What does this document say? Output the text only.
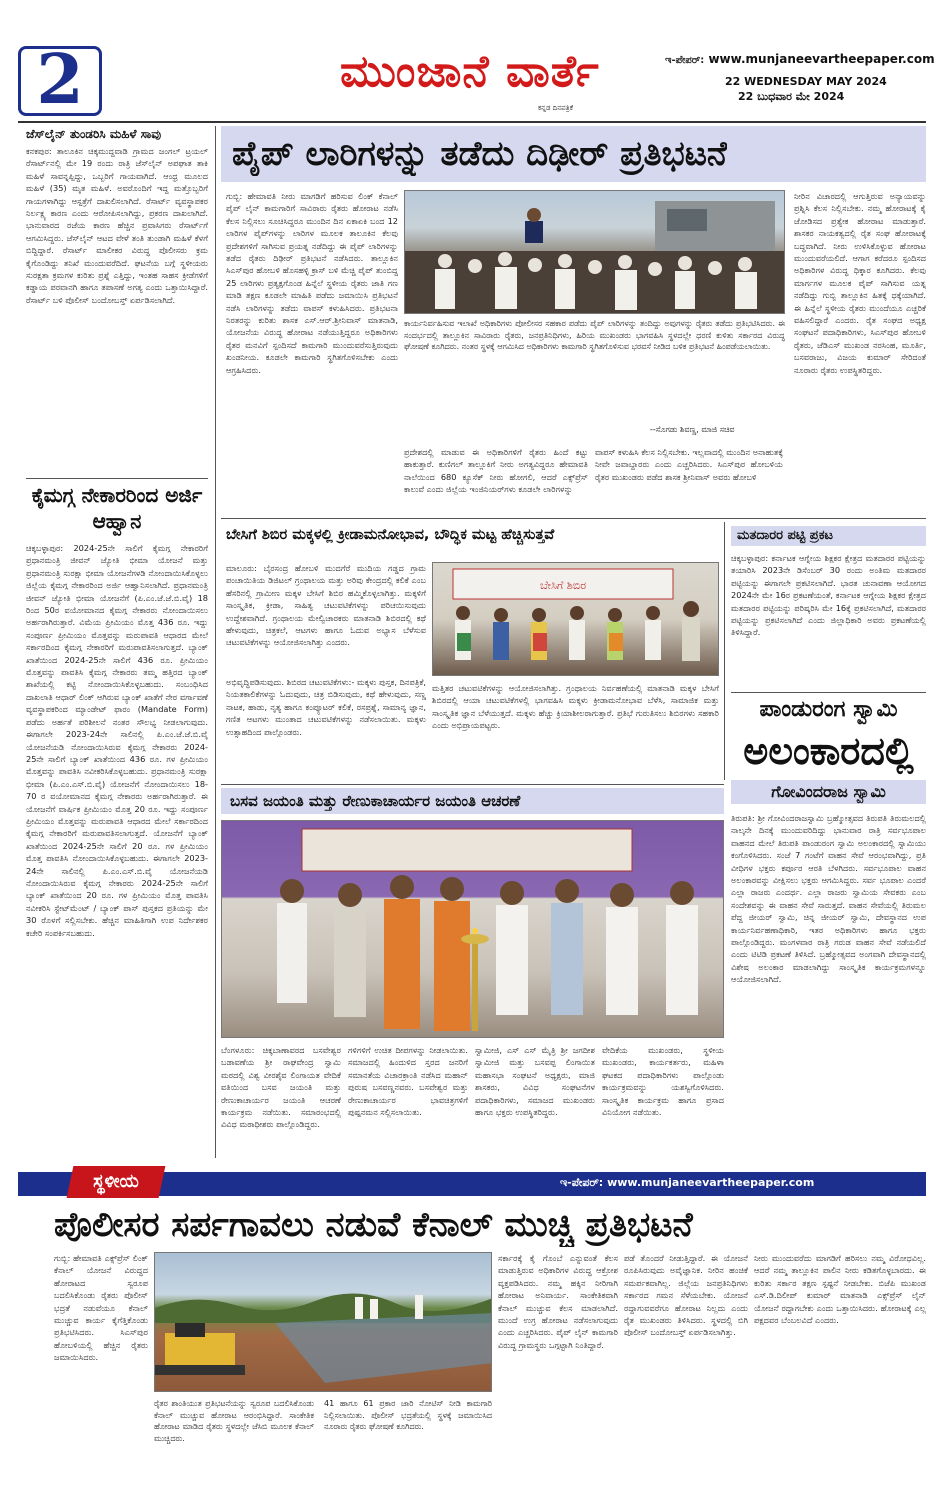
2	ಮುಂಜಾನೆ ವಾರ್ತೆ
ಕನ್ನಡ ದಿನಪತ್ರಿಕೆ
ಇ-ಪೇಪರ್: www.munjaneevartheepaper.com
22 WEDNESDAY MAY 2024
22 ಬುಧವಾರ ಮೇ 2024
ಜೆಸ್‌ಲೈನ್ ತುಂಡರಿಸಿ ಮಹಿಳೆ ಸಾವು
ಕನಕಪುರ: ತಾಲೂಕಿನ ಚಿಕ್ಕಮುದ್ದವಾಡಿ ಗ್ರಾಮದ ಜಂಗಲ್ ಟ್ರಯಲ್ ರೆಸಾರ್ಟ್‌ನಲ್ಲಿ ಮೇ 19 ರಂದು ರಾತ್ರಿ ಜೆಸ್‌ಲೈನ್ ಅಪಘಾತ ತಾಕಿ ಮಹಿಳೆ ಸಾವನ್ನಪ್ಪಿದ್ದು, ಒಬ್ಬರಿಗೆ ಗಾಯವಾಗಿದೆ. ಆಂಧ್ರ ಮೂಲದ ಮಹಿಳೆ (35) ಮೃತ ಮಹಿಳೆ. ಅವರೊಂದಿಗೆ ಇದ್ದ ಮತ್ತೊಬ್ಬರಿಗೆ ಗಾಯಗಳಾಗಿದ್ದು ಆಸ್ಪತ್ರೆಗೆ ದಾಖಲಿಸಲಾಗಿದೆ. ರೆಸಾರ್ಟ್ ವ್ಯವಸ್ಥಾಪಕರ ನಿರ್ಲಕ್ಷ್ಯ ಕಾರಣ ಎಂದು ಆರೋಪಿಸಲಾಗಿದ್ದು, ಪ್ರಕರಣ ದಾಖಲಾಗಿದೆ. ಭಾನುವಾರದ ರಜೆಯ ಕಾರಣ ಹೆಚ್ಚಿನ ಪ್ರವಾಸಿಗರು ರೆಸಾರ್ಟ್‌ಗೆ ಆಗಮಿಸಿದ್ದರು. ಜೆಸ್‌ಲೈನ್ ಆಟದ ವೇಳೆ ತಂತಿ ತುಂಡಾಗಿ ಮಹಿಳೆ ಕೆಳಗೆ ಬಿದ್ದಿದ್ದಾರೆ. ರೆಸಾರ್ಟ್ ಮಾಲೀಕರ ವಿರುದ್ಧ ಪೊಲೀಸರು ಕ್ರಮ ಕೈಗೊಂಡಿದ್ದು ತನಿಖೆ ಮುಂದುವರೆದಿದೆ. ಘಟನೆಯ ಬಗ್ಗೆ ಸ್ಥಳೀಯರು ಸುರಕ್ಷತಾ ಕ್ರಮಗಳ ಕುರಿತು ಪ್ರಶ್ನೆ ಎತ್ತಿದ್ದು, ಇಂತಹ ಸಾಹಸ ಕ್ರೀಡೆಗಳಿಗೆ ಕಡ್ಡಾಯ ಪರವಾನಗಿ ಹಾಗೂ ತಪಾಸಣೆ ಅಗತ್ಯ ಎಂದು ಒತ್ತಾಯಿಸಿದ್ದಾರೆ. ರೆಸಾರ್ಟ್ ಬಳಿ ಪೊಲೀಸ್ ಬಂದೋಬಸ್ತ್ ಏರ್ಪಡಿಸಲಾಗಿದೆ.
ಕೈಮಗ್ಗ ನೇಕಾರರಿಂದ ಅರ್ಜಿ ಆಹ್ವಾನ
ಚಿಕ್ಕಬಳ್ಳಾಪುರ: 2024-25ನೇ ಸಾಲಿಗೆ ಕೈಮಗ್ಗ ನೇಕಾರರಿಗೆ ಪ್ರಧಾನಮಂತ್ರಿ ಜೀವನ್ ಜ್ಯೋತಿ ಭೀಮಾ ಯೋಜನೆ ಮತ್ತು ಪ್ರಧಾನಮಂತ್ರಿ ಸುರಕ್ಷಾ ಭೀಮಾ ಯೋಜನೆಗಳಡಿ ನೋಂದಾಯಿಸಿಕೊಳ್ಳಲು ಜಿಲ್ಲೆಯ ಕೈಮಗ್ಗ ನೇಕಾರರಿಂದ ಅರ್ಜಿ ಆಹ್ವಾನಿಸಲಾಗಿದೆ. ಪ್ರಧಾನಮಂತ್ರಿ ಜೀವನ್ ಜ್ಯೋತಿ ಭೀಮಾ ಯೋಜನೆಗೆ (ಪಿ.ಎಂ.ಜೆ.ಜೆ.ಬಿ.ವೈ) 18 ರಿಂದ 50ರ ವಯೋಮಾನದ ಕೈಮಗ್ಗ ನೇಕಾರರು ನೋಂದಾಯಿಸಲು ಅರ್ಹರಾಗಿರುತ್ತಾರೆ. ವಿಮೆಯ ಪ್ರೀಮಿಯಂ ಮೊತ್ತ 436 ರೂ. ಇದ್ದು ಸಂಪೂರ್ಣ ಪ್ರೀಮಿಯಂ ಮೊತ್ತವನ್ನು ಮರುಪಾವತಿ ಆಧಾರದ ಮೇಲೆ ಸರ್ಕಾರದಿಂದ ಕೈಮಗ್ಗ ನೇಕಾರರಿಗೆ ಮರುಪಾವತಿಸಲಾಗುತ್ತದೆ. ಬ್ಯಾಂಕ್ ಖಾತೆಯಿಂದ 2024-25ನೇ ಸಾಲಿಗೆ 436 ರೂ. ಪ್ರೀಮಿಯಂ ಮೊತ್ತವನ್ನು ಪಾವತಿಸಿ ಕೈಮಗ್ಗ ನೇಕಾರರು ತಮ್ಮ ಹತ್ತಿರದ ಬ್ಯಾಂಕ್ ಶಾಖೆಯಲ್ಲಿ ಕಟ್ಟಿ ನೋಂದಾಯಿಸಿಕೊಳ್ಳಬಹುದು. ಸಂಬಂಧಿಸಿದ ದಾಖಲಾತಿ ಆಧಾರ್ ಲಿಂಕ್ ಆಗಿರುವ ಬ್ಯಾಂಕ್ ಖಾತೆಗೆ ನೇರ ವರ್ಗಾವಣೆ ವ್ಯವಸ್ಥಾಪಕರಿಂದ ಮ್ಯಾಂಡೇಟ್ ಫಾರಂ (Mandate Form) ಪಡೆದು ಅರ್ಹತೆ ಪರಿಶೀಲನೆ ನಂತರ ಸೌಲಭ್ಯ ನೀಡಲಾಗುವುದು. ಈಗಾಗಲೇ 2023-24ನೇ ಸಾಲಿನಲ್ಲಿ ಪಿ.ಎಂ.ಜೆ.ಜೆ.ಬಿ.ವೈ ಯೋಜನೆಯಡಿ ನೋಂದಾಯಿಸಿರುವ ಕೈಮಗ್ಗ ನೇಕಾರರು 2024-25ನೇ ಸಾಲಿಗೆ ಬ್ಯಾಂಕ್ ಖಾತೆಯಿಂದ 436 ರೂ. ಗಳ ಪ್ರೀಮಿಯಂ ಮೊತ್ತವನ್ನು ಪಾವತಿಸಿ ನವೀಕರಿಸಿಕೊಳ್ಳಬಹುದು. ಪ್ರಧಾನಮಂತ್ರಿ ಸುರಕ್ಷಾ ಭೀಮಾ (ಪಿ.ಎಂ.ಎಸ್.ಬಿ.ವೈ) ಯೋಜನೆಗೆ ನೋಂದಾಯಿಸಲು 18-70 ರ ವಯೋಮಾನದ ಕೈಮಗ್ಗ ನೇಕಾರರು ಅರ್ಹರಾಗಿರುತ್ತಾರೆ. ಈ ಯೋಜನೆಗೆ ವಾರ್ಷಿಕ ಪ್ರೀಮಿಯಂ ಮೊತ್ತ 20 ರೂ. ಇದ್ದು ಸಂಪೂರ್ಣ ಪ್ರೀಮಿಯಂ ಮೊತ್ತವನ್ನು ಮರುಪಾವತಿ ಆಧಾರದ ಮೇಲೆ ಸರ್ಕಾರದಿಂದ ಕೈಮಗ್ಗ ನೇಕಾರರಿಗೆ ಮರುಪಾವತಿಸಲಾಗುತ್ತದೆ. ಯೋಜನೆಗೆ ಬ್ಯಾಂಕ್ ಖಾತೆಯಿಂದ 2024-25ನೇ ಸಾಲಿಗೆ 20 ರೂ. ಗಳ ಪ್ರೀಮಿಯಂ ಮೊತ್ತ ಪಾವತಿಸಿ ನೋಂದಾಯಿಸಿಕೊಳ್ಳಬಹುದು. ಈಗಾಗಲೇ 2023-24ನೇ ಸಾಲಿನಲ್ಲಿ ಪಿ.ಎಂ.ಎಸ್.ಬಿ.ವೈ ಯೋಜನೆಯಡಿ ನೋಂದಾಯಿಸಿರುವ ಕೈಮಗ್ಗ ನೇಕಾರರು 2024-25ನೇ ಸಾಲಿಗೆ ಬ್ಯಾಂಕ್ ಖಾತೆಯಿಂದ 20 ರೂ. ಗಳ ಪ್ರೀಮಿಯಂ ಮೊತ್ತ ಪಾವತಿಸಿ ನವೀಕರಿಸಿ ಸ್ಟೇಟ್‌ಮೆಂಟ್ / ಬ್ಯಾಂಕ್ ಪಾಸ್ ಪುಸ್ತಕದ ಪ್ರತಿಯನ್ನು ಮೇ 30 ರೊಳಗೆ ಸಲ್ಲಿಸಬೇಕು. ಹೆಚ್ಚಿನ ಮಾಹಿತಿಗಾಗಿ ಉಪ ನಿರ್ದೇಶಕರ ಕಚೇರಿ ಸಂಪರ್ಕಿಸಬಹುದು.
ಪೈಪ್ ಲಾರಿಗಳನ್ನು ತಡೆದು ದಿಢೀರ್ ಪ್ರತಿಭಟನೆ
ಗುಬ್ಬಿ: ಹೇಮಾವತಿ ನೀರು ಮಾಗಡಿಗೆ ಹರಿಸುವ ಲಿಂಕ್ ಕೆನಾಲ್ ಪೈಪ್ ಲೈನ್ ಕಾಮಗಾರಿಗೆ ಸಾವಿರಾರು ರೈತರು ಹೋರಾಟ ನಡೆಸಿ ಕೆಲಸ ನಿಲ್ಲಿಸಲು ಸೂಚಿಸಿದ್ದರೂ ಮುಂದಿನ ದಿನ ಏಕಾಏಕಿ ಬಂದ 12 ಲಾರಿಗಳ ಪೈಪ್‌ಗಳನ್ನು ಲಾರಿಗಳ ಮೂಲಕ ತಾಲೂಕಿನ ಕೆಲವು ಪ್ರದೇಶಗಳಿಗೆ ಸಾಗಿಸುವ ಪ್ರಯತ್ನ ನಡೆದಿದ್ದು ಈ ಪೈಪ್ ಲಾರಿಗಳನ್ನು ತಡೆದ ರೈತರು ದಿಢೀರ್ ಪ್ರತಿಭಟನೆ ನಡೆಸಿದರು. ತಾಲ್ಲೂಕಿನ ಸಿಎಸ್‌ಪುರ ಹೋಬಳಿ ಹೊಸಹಳ್ಳಿ ಕ್ರಾಸ್ ಬಳಿ ಮೆಚ್ಚಿ ಪೈಪ್ ತುಂಬಿದ್ದ 25 ಲಾರಿಗಳು ಪ್ರತ್ಯಕ್ಷಗೊಂಡ ಹಿನ್ನೆಲೆ ಸ್ಥಳೀಯ ರೈತರು ಜಾತಿ ಗಣ ಮಾಡಿ ತಕ್ಷಣ ಕೂಡಲೇ ಮಾಹಿತಿ ಪಡೆದು ಜಮಾಯಿಸಿ ಪ್ರತಿಭಟನೆ ನಡೆಸಿ ಲಾರಿಗಳನ್ನು ತಡೆದು ವಾಪಸ್ ಕಳುಹಿಸಿದರು. ಪ್ರತಿಭಟನಾ ನಿರತರನ್ನು ಕುರಿತು ಶಾಸಕ ಎಸ್.ಆರ್.ಶ್ರೀನಿವಾಸ್ ಮಾತನಾಡಿ, ಯೋಜನೆಯ ವಿರುದ್ಧ ಹೋರಾಟ ನಡೆಯುತ್ತಿದ್ದರೂ ಅಧಿಕಾರಿಗಳು ರೈತರ ಮನವಿಗೆ ಸ್ಪಂದಿಸದೆ ಕಾಮಗಾರಿ ಮುಂದುವರೆಸುತ್ತಿರುವುದು ಖಂಡನೀಯ. ಕೂಡಲೇ ಕಾಮಗಾರಿ ಸ್ಥಗಿತಗೊಳಿಸಬೇಕು ಎಂದು ಆಗ್ರಹಿಸಿದರು.
ಕಾರ್ಯನಿರ್ವಹಿಸುವ ಇಲಾಖೆ ಅಧಿಕಾರಿಗಳು ಪೋಲೀಸರ ಸಹಕಾರ ಪಡೆದು ಪೈಪ್ ಲಾರಿಗಳನ್ನು ತಂದಿದ್ದು ಅವುಗಳನ್ನು ರೈತರು ತಡೆದು ಪ್ರತಿಭಟಿಸಿದರು. ಈ ಸಂದರ್ಭದಲ್ಲಿ ತಾಲ್ಲೂಕಿನ ಸಾವಿರಾರು ರೈತರು, ಜನಪ್ರತಿನಿಧಿಗಳು, ಹಿರಿಯ ಮುಖಂಡರು ಭಾಗವಹಿಸಿ ಸ್ಥಳದಲ್ಲೇ ಧರಣಿ ಕುಳಿತು ಸರ್ಕಾರದ ವಿರುದ್ಧ ಘೋಷಣೆ ಕೂಗಿದರು. ನಂತರ ಸ್ಥಳಕ್ಕೆ ಆಗಮಿಸಿದ ಅಧಿಕಾರಿಗಳು ಕಾಮಗಾರಿ ಸ್ಥಗಿತಗೊಳಿಸುವ ಭರವಸೆ ನೀಡಿದ ಬಳಿಕ ಪ್ರತಿಭಟನೆ ಹಿಂಪಡೆಯಲಾಯಿತು.
--ಸೊಗಡು ಶಿವಣ್ಣ, ಮಾಜಿ ಸಚಿವ
ಪ್ರದೇಶದಲ್ಲಿ ಮಾಡುವ ಈ ಅಧಿಕಾರಿಗಳಿಗೆ ರೈತರು ಹಿಂದೆ ಕಟ್ಟು ಹಾಕುತ್ತಾರೆ. ಕುಣಿಗಲ್ ತಾಲ್ಲೂಕಿಗೆ ನೀರು ಅಗತ್ಯವಿದ್ದರೂ ಹೇಮಾವತಿ ನಾಲೆಯಿಂದ 680 ಕ್ಯೂಸೆಕ್ ನೀರು ಹೋಗಲಿ, ಆದರೆ ಎಕ್ಸ್‌ಪ್ರೆಸ್ ಕಾಲುವೆ ಎಂದು ಜಿಲ್ಲೆಯ ಇಂಜಿನಿಯರ್‌ಗಳು ಕೂಡಲೇ ಲಾರಿಗಳನ್ನು
ವಾಪಸ್ ಕಳುಹಿಸಿ ಕೆಲಸ ನಿಲ್ಲಿಸಬೇಕು. ಇಲ್ಲವಾದಲ್ಲಿ ಮುಂದಿನ ಅನಾಹುತಕ್ಕೆ ನೀವೇ ಜವಾಬ್ದಾರರು ಎಂದು ಎಚ್ಚರಿಸಿದರು. ಸಿಎಸ್‌ಪುರ ಹೋಬಳಿಯ ರೈತರ ಮುಖಂಡರು ಪಡೆದ ಶಾಸಕ ಶ್ರೀನಿವಾಸ್ ಅವರು ಹೋಬಳಿ
ನೀರಿನ ವಿಚಾರದಲ್ಲಿ ಆಗುತ್ತಿರುವ ಅನ್ಯಾಯವನ್ನು ಪ್ರಶ್ನಿಸಿ ಕೆಲಸ ನಿಲ್ಲಿಸಬೇಕು. ನಮ್ಮ ಹೋರಾಟಕ್ಕೆ ಕೈ ಜೋಡಿಸದ ಪ್ರತ್ಯೇಕ ಹೋರಾಟ ಮಾಡುತ್ತಾರೆ. ಶಾಸಕರ ನಾಯಕತ್ವದಲ್ಲಿ ರೈತ ಸಂಘ ಹೋರಾಟಕ್ಕೆ ಬದ್ಧವಾಗಿದೆ. ನೀರು ಉಳಿಸಿಕೊಳ್ಳುವ ಹೋರಾಟ ಮುಂದುವರೆಯಲಿದೆ. ಆಗಾಗ ಕರೆದರೂ ಸ್ಪಂದಿಸದ ಅಧಿಕಾರಿಗಳ ವಿರುದ್ಧ ಧಿಕ್ಕಾರ ಕೂಗಿದರು. ಕೆಲವು ಮಾರ್ಗಗಳ ಮೂಲಕ ಪೈಪ್ ಸಾಗಿಸುವ ಯತ್ನ ನಡೆದಿದ್ದು ಗುಬ್ಬಿ ತಾಲ್ಲೂಕಿನ ಹಿತಕ್ಕೆ ಧಕ್ಕೆಯಾಗಿದೆ. ಈ ಹಿನ್ನೆಲೆ ಸ್ಥಳೀಯ ರೈತರು ಮುಂದೆಯೂ ಎಚ್ಚರಿಕೆ ವಹಿಸಲಿದ್ದಾರೆ ಎಂದರು. ರೈತ ಸಂಘದ ಅಧ್ಯಕ್ಷ ಸಂಘಟನೆ ಪದಾಧಿಕಾರಿಗಳು, ಸಿಎಸ್‌ಪುರ ಹೋಬಳಿ ರೈತರು, ಜೆಡಿಎಸ್ ಮುಖಂಡ ನರಸಿಂಹ, ಮೂರ್ತಿ, ಬಸವರಾಜು, ವಿಜಯ ಕುಮಾರ್ ಸೇರಿದಂತೆ ನೂರಾರು ರೈತರು ಉಪಸ್ಥಿತರಿದ್ದರು.
ಬೇಸಿಗೆ ಶಿಬಿರ ಮಕ್ಕಳಲ್ಲಿ ಕ್ರೀಡಾಮನೋಭಾವ, ಬೌದ್ಧಿಕ ಮಟ್ಟ ಹೆಚ್ಚಿಸುತ್ತವೆ
ಮಾಲೂರು: ಬೈರಸಂದ್ರ ಹೋಬಳಿ ಮುದಗೆರೆ ಮುದಿಯ ಗಡ್ಡದ ಗ್ರಾಮ ಪಂಚಾಯಿತಿಯ ಡಿಜಿಟಲ್ ಗ್ರಂಥಾಲಯ ಮತ್ತು ಅರಿವು ಕೇಂದ್ರದಲ್ಲಿ ಕಲಿಕೆ ಎಂಬ ಹೆಸರಿನಲ್ಲಿ ಗ್ರಾಮೀಣ ಮಕ್ಕಳ ಬೇಸಿಗೆ ಶಿಬಿರ ಹಮ್ಮಿಕೊಳ್ಳಲಾಗಿತ್ತು. ಮಕ್ಕಳಿಗೆ ಸಾಂಸ್ಕೃತಿಕ, ಕ್ರೀಡಾ, ಸಾಹಿತ್ಯ ಚಟುವಟಿಕೆಗಳನ್ನು ಪರಿಚಯಿಸುವುದು ಉದ್ದೇಶವಾಗಿದೆ. ಗ್ರಂಥಾಲಯ ಮೇಲ್ವಿಚಾರಕರು ಮಾತನಾಡಿ ಶಿಬಿರದಲ್ಲಿ ಕಥೆ ಹೇಳುವುದು, ಚಿತ್ರಕಲೆ, ಆಟಗಳು ಹಾಗೂ ಓದುವ ಅಭ್ಯಾಸ ಬೆಳೆಸುವ ಚಟುವಟಿಕೆಗಳನ್ನು ಆಯೋಜಿಸಲಾಗಿತ್ತು ಎಂದರು.
ಬೇಸಿಗೆ ಶಿಬಿರ
ಅಭಿವೃದ್ಧಿಪಡಿಸುವುದು. ಶಿಬಿರದ ಚಟುವಟಿಕೆಗಳು:- ಮಕ್ಕಳು ಪುಸ್ತಕ, ದಿನಪತ್ರಿಕೆ, ನಿಯತಕಾಲಿಕೆಗಳನ್ನು ಓದುವುದು, ಚಿತ್ರ ಬಿಡಿಸುವುದು, ಕಥೆ ಹೇಳುವುದು, ಸಣ್ಣ ನಾಟಕ, ಹಾಡು, ನೃತ್ಯ ಹಾಗೂ ಕಂಪ್ಯೂಟರ್ ಕಲಿಕೆ, ರಸಪ್ರಶ್ನೆ, ಸಾಮಾನ್ಯ ಜ್ಞಾನ, ಗಣಿತ ಆಟಗಳು ಮುಂತಾದ ಚಟುವಟಿಕೆಗಳನ್ನು ನಡೆಸಲಾಯಿತು. ಮಕ್ಕಳು ಉತ್ಸಾಹದಿಂದ ಪಾಲ್ಗೊಂಡರು.
ಮತ್ತಿತರ ಚಟುವಟಿಕೆಗಳನ್ನು ಆಯೋಜಿಸಲಾಗಿತ್ತು. ಗ್ರಂಥಾಲಯ ನಿರ್ವಹಣೆಯಲ್ಲಿ ಮಾತನಾಡಿ ಮಕ್ಕಳ ಬೇಸಿಗೆ ಶಿಬಿರದಲ್ಲಿ ಆಯಾ ಚಟುವಟಿಕೆಗಳಲ್ಲಿ ಭಾಗವಹಿಸಿ ಮಕ್ಕಳು ಕ್ರೀಡಾಮನೋಭಾವ ಬೆಳೆಸಿ, ಸಾಮಾಜಿಕ ಮತ್ತು ಸಾಂಸ್ಕೃತಿಕ ಜ್ಞಾನ ಬೆಳೆಯುತ್ತದೆ. ಮಕ್ಕಳು ಹೆಚ್ಚು ಕ್ರಿಯಾಶೀಲರಾಗುತ್ತಾರೆ. ಪ್ರತಿಭೆ ಗುರುತಿಸಲು ಶಿಬಿರಗಳು ಸಹಕಾರಿ ಎಂದು ಅಭಿಪ್ರಾಯಪಟ್ಟರು.
ಮತದಾರರ ಪಟ್ಟಿ ಪ್ರಕಟ
ಚಿಕ್ಕಬಳ್ಳಾಪುರ: ಕರ್ನಾಟಕ ಆಗ್ನೇಯ ಶಿಕ್ಷಕರ ಕ್ಷೇತ್ರದ ಮತದಾರರ ಪಟ್ಟಿಯನ್ನು ತಯಾರಿಸಿ 2023ನೇ ಡಿಸೆಂಬರ್ 30 ರಂದು ಅಂತಿಮ ಮತದಾರರ ಪಟ್ಟಿಯನ್ನು ಈಗಾಗಲೇ ಪ್ರಕಟಿಸಲಾಗಿದೆ. ಭಾರತ ಚುನಾವಣಾ ಆಯೋಗದ 2024ನೇ ಮೇ 16ರ ಪ್ರಕಟಣೆಯಂತೆ, ಕರ್ನಾಟಕ ಆಗ್ನೇಯ ಶಿಕ್ಷಕರ ಕ್ಷೇತ್ರದ ಮತದಾರರ ಪಟ್ಟಿಯನ್ನು ಪರಿಷ್ಕರಿಸಿ ಮೇ 16ಕ್ಕೆ ಪ್ರಕಟಿಸಲಾಗಿದೆ, ಮತದಾರರ ಪಟ್ಟಿಯನ್ನು ಪ್ರಕಟಿಸಲಾಗಿದೆ ಎಂದು ಜಿಲ್ಲಾಧಿಕಾರಿ ಅವರು ಪ್ರಕಟಣೆಯಲ್ಲಿ ತಿಳಿಸಿದ್ದಾರೆ.
ಪಾಂಡುರಂಗ ಸ್ವಾಮಿ
ಅಲಂಕಾರದಲ್ಲಿ
ಗೋವಿಂದರಾಜ ಸ್ವಾಮಿ
ತಿರುಪತಿ: ಶ್ರೀ ಗೋವಿಂದರಾಜಸ್ವಾಮಿ ಬ್ರಹ್ಮೋತ್ಸವದ ತಿರುಪತಿ ತಿರುಮಲದಲ್ಲಿ ನಾಲ್ಕನೇ ದಿನಕ್ಕೆ ಮುಂದುವರಿದಿದ್ದು ಭಾನುವಾರ ರಾತ್ರಿ ಸರ್ವಭೂಪಾಲ ವಾಹನದ ಮೇಲೆ ತಿರುಪತಿ ಪಾಂಡುರಂಗ ಸ್ವಾಮಿ ಅಲಂಕಾರದಲ್ಲಿ ಸ್ವಾಮಿಯು ಕಂಗೊಳಿಸಿದರು. ಸಂಜೆ 7 ಗಂಟೆಗೆ ವಾಹನ ಸೇವೆ ಆರಂಭವಾಗಿದ್ದು, ಪ್ರತಿ ವೀಧಿಗಳ ಭಕ್ತರು ಕರ್ಪೂರ ಆರತಿ ಬೆಳಗಿದರು. ಸರ್ವಭೂಪಾಲ ವಾಹನ ಅಲಂಕಾರವನ್ನು ವೀಕ್ಷಿಸಲು ಭಕ್ತರು ಆಗಮಿಸಿದ್ದರು. ಸರ್ವ ಭೂಪಾಲ ಎಂದರೆ ಎಲ್ಲಾ ರಾಜರು ಎಂದರ್ಥ. ಎಲ್ಲಾ ರಾಜರು ಸ್ವಾಮಿಯ ಸೇವಕರು ಎಂಬ ಸಂದೇಶವನ್ನು ಈ ವಾಹನ ಸೇವೆ ಸಾರುತ್ತದೆ. ವಾಹನ ಸೇವೆಯಲ್ಲಿ ತಿರುಮಲ ಪೆದ್ದ ಜೀಯರ್ ಸ್ವಾಮಿ, ಚಿನ್ನ ಜೀಯರ್ ಸ್ವಾಮಿ, ದೇವಸ್ಥಾನದ ಉಪ ಕಾರ್ಯನಿರ್ವಹಣಾಧಿಕಾರಿ, ಇತರ ಅಧಿಕಾರಿಗಳು ಹಾಗೂ ಭಕ್ತರು ಪಾಲ್ಗೊಂಡಿದ್ದರು. ಮಂಗಳವಾರ ರಾತ್ರಿ ಗರುಡ ವಾಹನ ಸೇವೆ ನಡೆಯಲಿದೆ ಎಂದು ಟಿಟಿಡಿ ಪ್ರಕಟಣೆ ತಿಳಿಸಿದೆ. ಬ್ರಹ್ಮೋತ್ಸವದ ಅಂಗವಾಗಿ ದೇವಸ್ಥಾನದಲ್ಲಿ ವಿಶೇಷ ಅಲಂಕಾರ ಮಾಡಲಾಗಿದ್ದು ಸಾಂಸ್ಕೃತಿಕ ಕಾರ್ಯಕ್ರಮಗಳನ್ನೂ ಆಯೋಜಿಸಲಾಗಿದೆ.
ಬಸವ ಜಯಂತಿ ಮತ್ತು ರೇಣುಕಾಚಾರ್ಯರ ಜಯಂತಿ ಆಚರಣೆ
ಬೆಂಗಳೂರು: ಚಿಕ್ಕಬಾಣಾವರದ ಬಸವೇಶ್ವರ ಬಡಾವಣೆಯ ಶ್ರೀ ರಾಘವೇಂದ್ರ ಸ್ವಾಮಿ ಮಠದಲ್ಲಿ ವಿಶ್ವ ವೀರಶೈವ ಲಿಂಗಾಯತ ವೇದಿಕೆ ವತಿಯಿಂದ ಬಸವ ಜಯಂತಿ ಮತ್ತು ರೇಣುಕಾಚಾರ್ಯರ ಜಯಂತಿ ಆಚರಣೆ ಕಾರ್ಯಕ್ರಮ ನಡೆಯಿತು. ಸಮಾರಂಭದಲ್ಲಿ ವಿವಿಧ ಮಠಾಧೀಶರು ಪಾಲ್ಗೊಂಡಿದ್ದರು.
ಗಳಿಗಳಿಗೆ ಉಚಿತ ದೀಪಗಳನ್ನು ನೀಡಲಾಯಿತು. ಸಮಾಜದಲ್ಲಿ ಹಿಂದುಳಿದ ಸ್ತರದ ಜನರಿಗೆ ಸಮಾನತೆಯ ವಿಚಾರಕ್ರಾಂತಿ ನಡೆಸಿದ ಮಹಾನ್ ಪುರುಷ ಬಸವಣ್ಣನವರು. ಬಸವೇಶ್ವರ ಮತ್ತು ರೇಣುಕಾಚಾರ್ಯರ ಭಾವಚಿತ್ರಗಳಿಗೆ ಪುಷ್ಪನಮನ ಸಲ್ಲಿಸಲಾಯಿತು.
ಸ್ವಾಮೀಜಿ, ಎಸ್ ಎಸ್ ಮೈತ್ರಿ ಶ್ರೀ ಜಗದೀಶ ಸ್ವಾಮೀಜಿ ಮತ್ತು ಬಸವಪ್ಪ ಲಿಂಗಾಯಿತ ಮಹಾಸಭಾ ಸಂಘಟನೆ ಅಧ್ಯಕ್ಷರು, ಮಾಜಿ ಶಾಸಕರು, ವಿವಿಧ ಸಂಘಟನೆಗಳ ಪದಾಧಿಕಾರಿಗಳು, ಸಮಾಜದ ಮುಖಂಡರು ಹಾಗೂ ಭಕ್ತರು ಉಪಸ್ಥಿತರಿದ್ದರು.
ವೇದಿಕೆಯ ಮುಖಂಡರು, ಸ್ಥಳೀಯ ಮುಖಂಡರು, ಕಾರ್ಯಕರ್ತರು, ಮಹಿಳಾ ಘಟಕದ ಪದಾಧಿಕಾರಿಗಳು ಪಾಲ್ಗೊಂಡು ಕಾರ್ಯಕ್ರಮವನ್ನು ಯಶಸ್ವಿಗೊಳಿಸಿದರು. ಸಾಂಸ್ಕೃತಿಕ ಕಾರ್ಯಕ್ರಮ ಹಾಗೂ ಪ್ರಸಾದ ವಿನಿಯೋಗ ನಡೆಯಿತು.
ಸ್ಥಳೀಯ	ಇ-ಪೇಪರ್: www.munjaneevartheepaper.com
ಪೊಲೀಸರ ಸರ್ಪಗಾವಲು ನಡುವೆ ಕೆನಾಲ್ ಮುಚ್ಚಿ ಪ್ರತಿಭಟನೆ
ಗುಬ್ಬಿ: ಹೇಮಾವತಿ ಎಕ್ಸ್‌ಪ್ರೆಸ್ ಲಿಂಕ್ ಕೆನಾಲ್ ಯೋಜನೆ ವಿರುದ್ಧದ ಹೋರಾಟದ ಸ್ವರೂಪ ಬದಲಿಸಿಕೊಂಡು ರೈತರು ಪೊಲೀಸ್ ಭದ್ರತೆ ನಡುವೆಯೂ ಕೆನಾಲ್ ಮುಚ್ಚುವ ಕಾರ್ಯ ಕೈಗೆತ್ತಿಕೊಂಡು ಪ್ರತಿಭಟಿಸಿದರು. ಸಿಎಸ್‌ಪುರ ಹೋಬಳಿಯಲ್ಲಿ ಹೆಚ್ಚಿನ ರೈತರು ಜಮಾಯಿಸಿದರು.
ರೈತರ ಶಾಂತಿಯುತ ಪ್ರತಿಭಟನೆಯನ್ನು ಸ್ವರೂಪ ಬದಲಿಸಿಕೊಂಡು ಕೆನಾಲ್ ಮುಚ್ಚುವ ಹೋರಾಟ ಆರಂಭಿಸಿದ್ದಾರೆ. ಸಾಂಕೇತಿಕ ಹೋರಾಟ ಮಾಡಿದ ರೈತರು ಸ್ಥಳದಲ್ಲೇ ಜೆಸಿಬಿ ಮೂಲಕ ಕೆನಾಲ್ ಮುಚ್ಚಿದರು.
41 ಹಾಗೂ 61 ಪ್ರಕಾರ ಜಾರಿ ನೋಟಿಸ್ ನೀಡಿ ಕಾಮಗಾರಿ ನಿಲ್ಲಿಸಲಾಯಿತು. ಪೊಲೀಸ್ ಭದ್ರತೆಯಲ್ಲಿ ಸ್ಥಳಕ್ಕೆ ಜಮಾಯಿಸಿದ ನೂರಾರು ರೈತರು ಘೋಷಣೆ ಕೂಗಿದರು.
ಸರ್ಕಾರಕ್ಕೆ ಕೈ ಗೊಂಬೆ ಎನ್ನುವಂತೆ ಕೆಲಸ ಮಾಡುತ್ತಿರುವ ಅಧಿಕಾರಿಗಳ ವಿರುದ್ಧ ಆಕ್ರೋಶ ವ್ಯಕ್ತಪಡಿಸಿದರು. ನಮ್ಮ ಹಕ್ಕಿನ ನೀರಿಗಾಗಿ ಹೋರಾಟ ಅನಿವಾರ್ಯ. ಸಾಂಕೇತಿಕವಾಗಿ ಕೆನಾಲ್ ಮುಚ್ಚುವ ಕೆಲಸ ಮಾಡಲಾಗಿದೆ. ಮುಂದೆ ಉಗ್ರ ಹೋರಾಟ ನಡೆಸಲಾಗುವುದು ಎಂದು ಎಚ್ಚರಿಸಿದರು. ಪೈಪ್ ಲೈನ್ ಕಾಮಗಾರಿ ವಿರುದ್ಧ ಗ್ರಾಮಸ್ಥರು ಒಗ್ಗಟ್ಟಾಗಿ ನಿಂತಿದ್ದಾರೆ.
ಪಡೆ ತೊಂದರೆ ನೀಡುತ್ತಿದ್ದಾರೆ. ಈ ಯೋಜನೆ ರೂಪಿಸಿರುವುದು ಅವೈಜ್ಞಾನಿಕ. ನೀರಿನ ಹಂಚಿಕೆ ಸಮರ್ಪಕವಾಗಿಲ್ಲ. ಜಿಲ್ಲೆಯ ಜನಪ್ರತಿನಿಧಿಗಳು ಸರ್ಕಾರದ ಗಮನ ಸೆಳೆಯಬೇಕು. ಯೋಜನೆ ರದ್ದಾಗುವವರೆಗೂ ಹೋರಾಟ ನಿಲ್ಲದು ಎಂದು ರೈತ ಮುಖಂಡರು ತಿಳಿಸಿದರು. ಸ್ಥಳದಲ್ಲಿ ಬಿಗಿ ಪೊಲೀಸ್ ಬಂದೋಬಸ್ತ್ ಏರ್ಪಡಿಸಲಾಗಿತ್ತು.
ನೀರು ಮುಂದುವರೆದು ಮಾಗಡಿಗೆ ಹರಿಸಲು ನಮ್ಮ ವಿರೋಧವಿಲ್ಲ. ಆದರೆ ನಮ್ಮ ತಾಲ್ಲೂಕಿನ ಪಾಲಿನ ನೀರು ಕಡಿತಗೊಳ್ಳಬಾರದು. ಈ ಕುರಿತು ಸರ್ಕಾರ ತಕ್ಷಣ ಸ್ಪಷ್ಟನೆ ನೀಡಬೇಕು. ಬಿಜೆಪಿ ಮುಖಂಡ ಎಸ್.ಡಿ.ದಿಲೀಪ್ ಕುಮಾರ್ ಮಾತನಾಡಿ ಎಕ್ಸ್‌ಪ್ರೆಸ್ ಲೈನ್ ಯೋಜನೆ ರದ್ದಾಗಬೇಕು ಎಂದು ಒತ್ತಾಯಿಸಿದರು. ಹೋರಾಟಕ್ಕೆ ಎಲ್ಲ ಪಕ್ಷದವರ ಬೆಂಬಲವಿದೆ ಎಂದರು.
